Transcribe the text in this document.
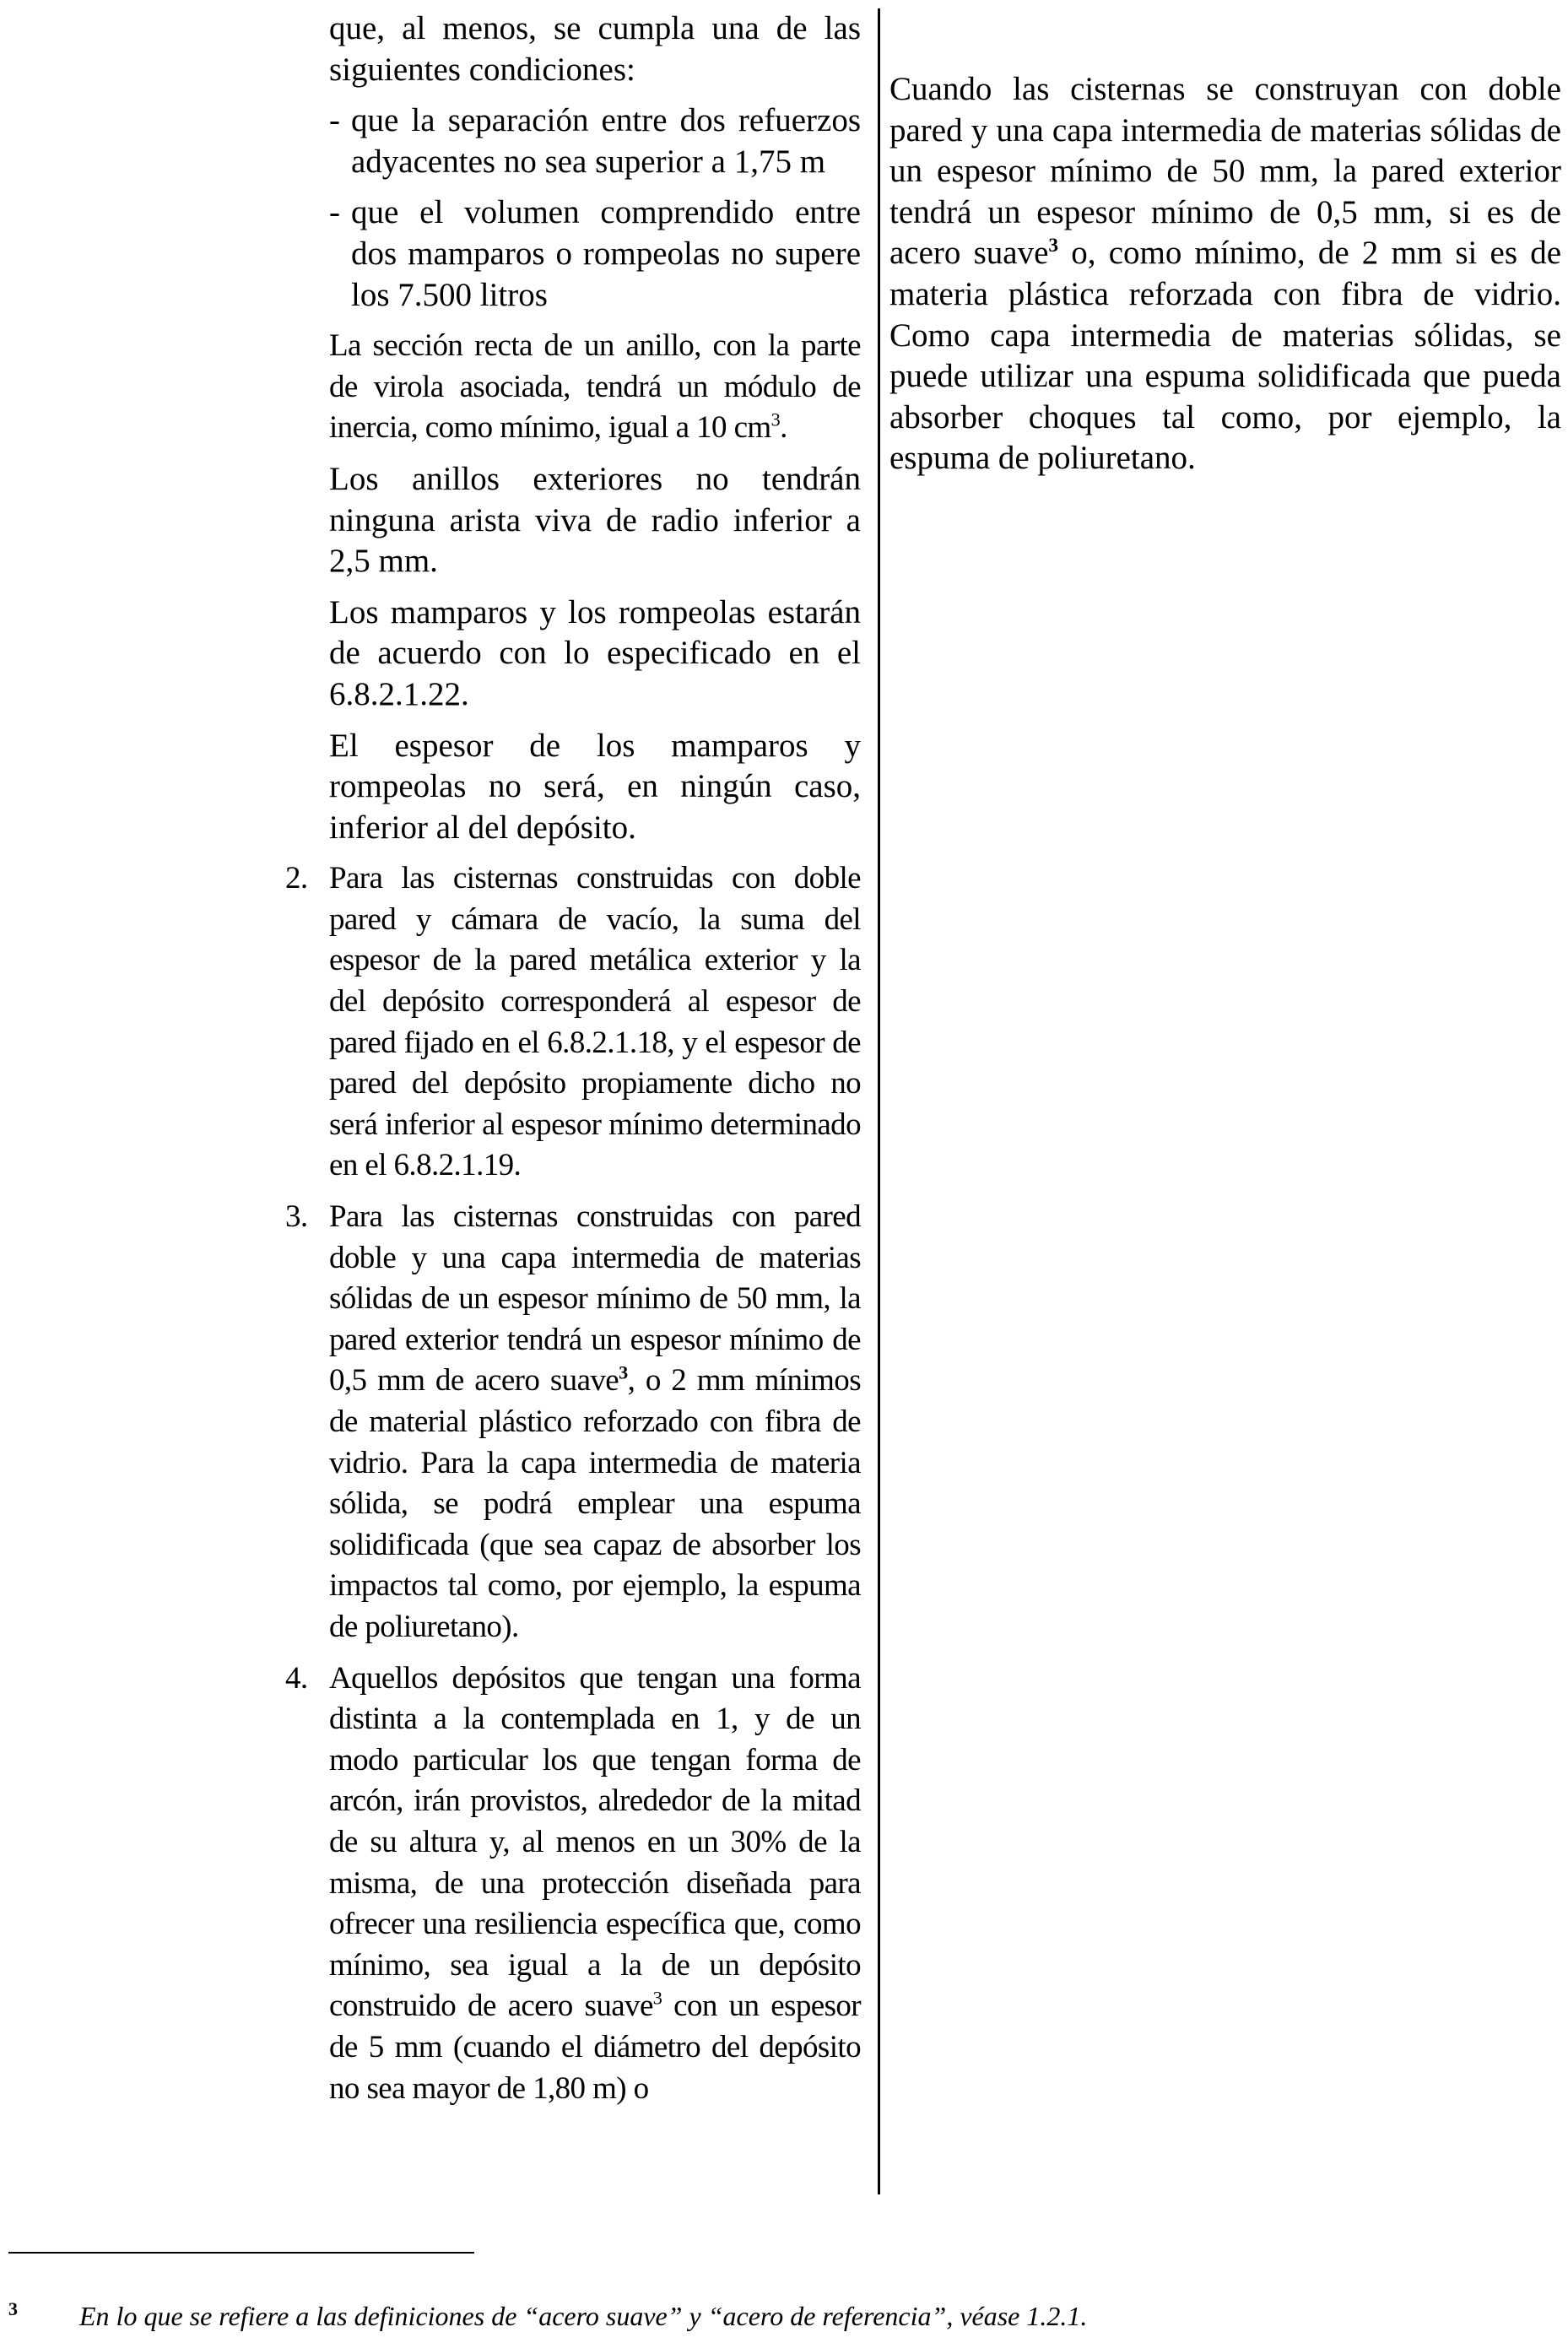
que, al menos, se cumpla una de las siguientes condiciones:

- que la separación entre dos refuerzos adyacentes no sea superior a 1,75 m
- que el volumen comprendido entre dos mamparos o rompeolas no supere los 7.500 litros

La sección recta de un anillo, con la parte de virola asociada, tendrá un módulo de inercia, como mínimo, igual a 10 $cm^3$.

Los anillos exteriores no tendrán ninguna arista viva de radio inferior a 2,5 mm.

Los mamparos y los rompeolas estarán de acuerdo con lo especificado en el 6.8.2.1.22.

El espesor de los mamparos y rompeolas no será, en ningún caso, inferior al del depósito.

2. Para las cisternas construidas con doble pared y cámara de vacío, la suma del espesor de la pared metálica exterior y la del depósito corresponderá al espesor de pared fijado en el 6.8.2.1.18, y el espesor de pared del depósito propiamente dicho no será inferior al espesor mínimo determinado en el 6.8.2.1.19.
3. Para las cisternas construidas con pared doble y una capa intermedia de materias sólidas de un espesor mínimo de 50 mm, la pared exterior tendrá un espesor mínimo de 0,5 mm de acero suave$^3$, o 2 mm mínimos de material plástico reforzado con fibra de vidrio. Para la capa intermedia de materia sólida, se podrá emplear una espuma solidificada (que sea capaz de absorber los impactos tal como, por ejemplo, la espuma de poliuretano).
4. Aquellos depósitos que tengan una forma distinta a la contemplada en 1, y de un modo particular los que tengan forma de arcón, irán provistos, alrededor de la mitad de su altura y, al menos en un 30% de la misma, de una protección diseñada para ofrecer una resiliencia específica que, como mínimo, sea igual a la de un depósito construido de acero suave$^3$ con un espesor de 5 mm (cuando el diámetro del depósito no sea mayor de 1,80 m) o

Cuando las cisternas se construyan con doble pared y una capa intermedia de materias sólidas de un espesor mínimo de 50 mm, la pared exterior tendrá un espesor mínimo de 0,5 mm, si es de acero suave$^3$ o, como mínimo, de 2 mm si es de materia plástica reforzada con fibra de vidrio. Como capa intermedia de materias sólidas, se puede utilizar una espuma solidificada que pueda absorber choques tal como, por ejemplo, la espuma de poliuretano.

3 En lo que se refiere a las definiciones de “acero suave” y “acero de referencia”, véase 1.2.1.
